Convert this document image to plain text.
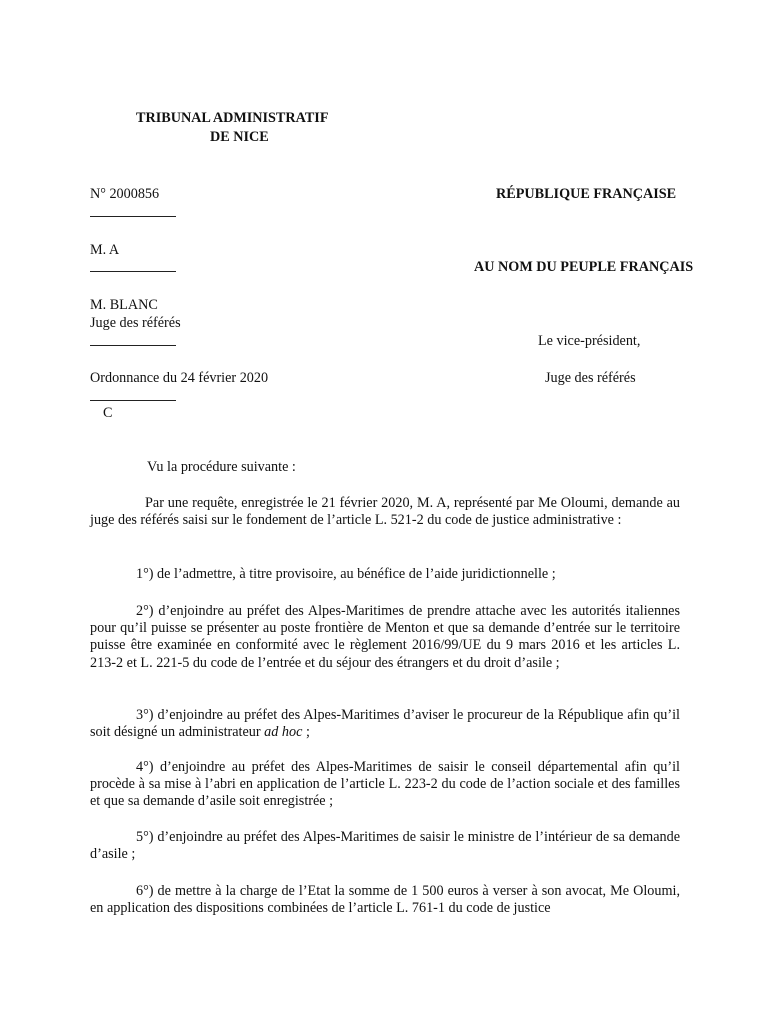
TRIBUNAL ADMINISTRATIF
DE NICE
N° 2000856	RÉPUBLIQUE FRANÇAISE
M. A
AU NOM DU PEUPLE FRANÇAIS
M. BLANC
Juge des référés
Le vice-président,
Ordonnance du 24 février 2020	Juge des référés
C
Vu la procédure suivante :
Par une requête, enregistrée le 21 février 2020, M. A, représenté par Me Oloumi, demande au juge des référés saisi sur le fondement de l’article L. 521-2 du code de justice administrative :
1°) de l’admettre, à titre provisoire, au bénéfice de l’aide juridictionnelle ;
2°) d’enjoindre au préfet des Alpes-Maritimes de prendre attache avec les autorités italiennes pour qu’il puisse se présenter au poste frontière de Menton et que sa demande d’entrée sur le territoire puisse être examinée en conformité avec le règlement 2016/99/UE du 9 mars 2016 et les articles L. 213-2 et L. 221-5 du code de l’entrée et du séjour des étrangers et du droit d’asile ;
3°) d’enjoindre au préfet des Alpes-Maritimes d’aviser le procureur de la République afin qu’il soit désigné un administrateur ad hoc ;
4°) d’enjoindre au préfet des Alpes-Maritimes de saisir le conseil départemental afin qu’il procède à sa mise à l’abri en application de l’article L. 223-2 du code de l’action sociale et des familles et que sa demande d’asile soit enregistrée ;
5°) d’enjoindre au préfet des Alpes-Maritimes de saisir le ministre de l’intérieur de sa demande d’asile ;
6°) de mettre à la charge de l’Etat la somme de 1 500 euros à verser à son avocat, Me Oloumi, en application des dispositions combinées de l’article L. 761-1 du code de justice
